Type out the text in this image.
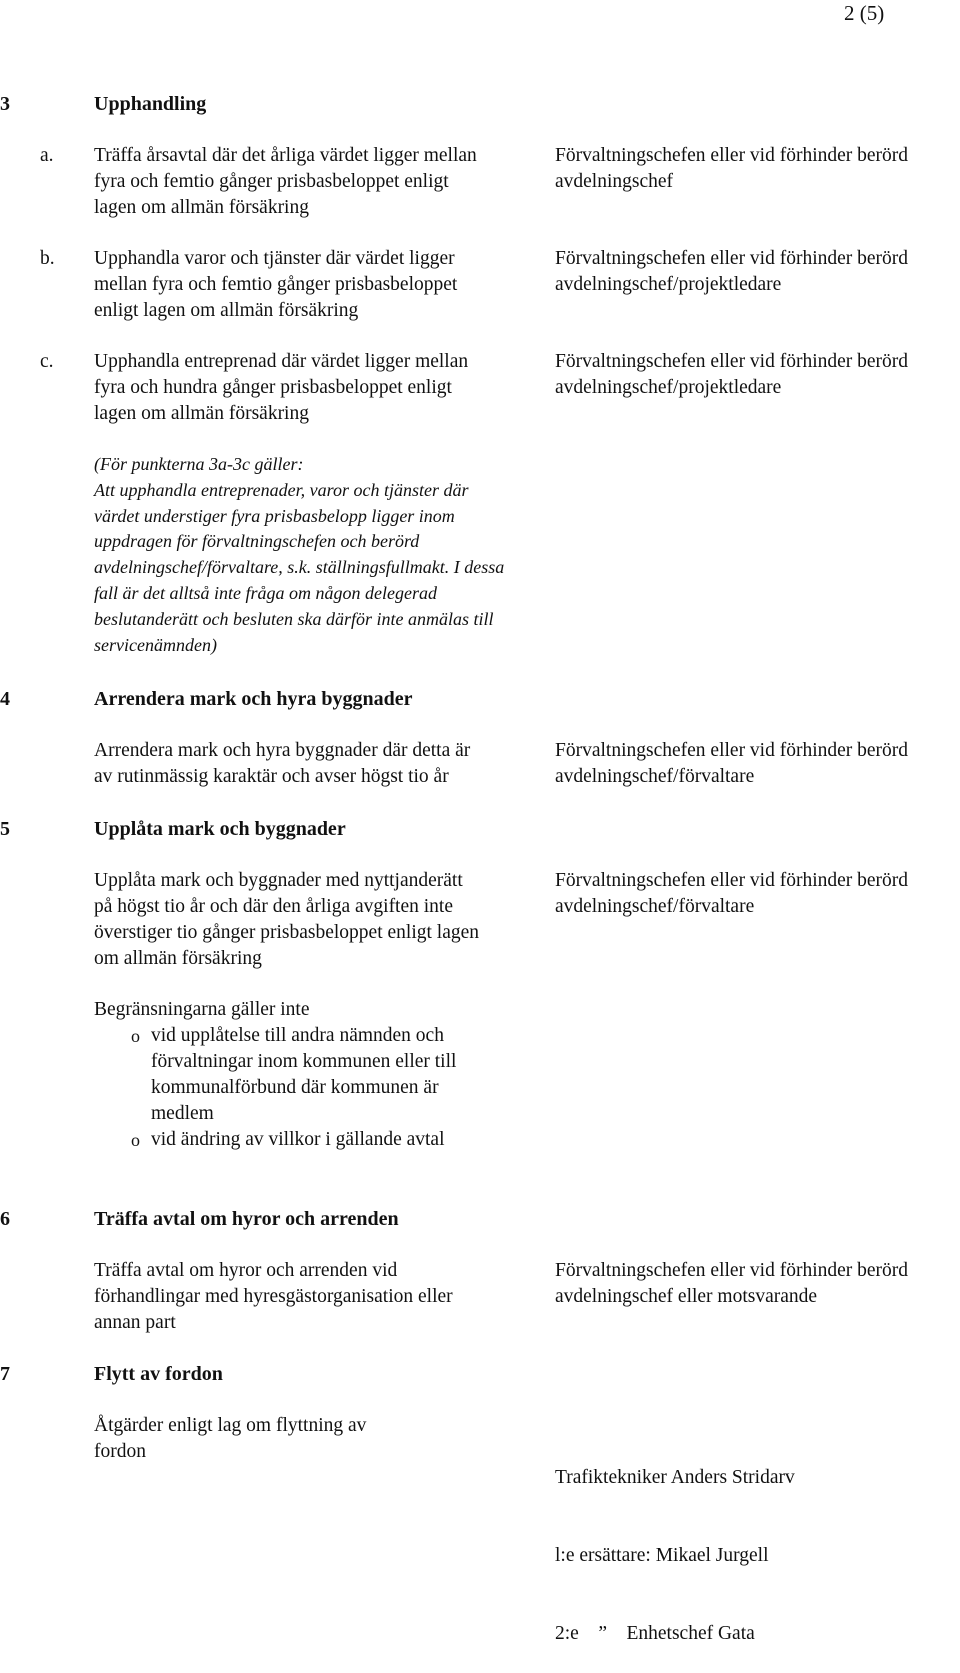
2 (5)
3	Upphandling
a. Träffa årsavtal där det årliga värdet ligger mellan
fyra och femtio gånger prisbasbeloppet enligt
lagen om allmän försäkring
Förvaltningschefen eller vid förhinder berörd
avdelningschef
b. Upphandla varor och tjänster där värdet ligger
mellan fyra och femtio gånger prisbasbeloppet
enligt lagen om allmän försäkring
Förvaltningschefen eller vid förhinder berörd
avdelningschef/projektledare
c. Upphandla entreprenad där värdet ligger mellan
fyra och hundra gånger prisbasbeloppet enligt
lagen om allmän försäkring
Förvaltningschefen eller vid förhinder berörd
avdelningschef/projektledare
(För punkterna 3a-3c gäller:
Att upphandla entreprenader, varor och tjänster där
värdet understiger fyra prisbasbelopp ligger inom
uppdragen för förvaltningschefen och berörd
avdelningschef/förvaltare, s.k. ställningsfullmakt. I dessa
fall är det alltså inte fråga om någon delegerad
beslutanderätt och besluten ska därför inte anmälas till
servicenämnden)
4	Arrendera mark och hyra byggnader
Arrendera mark och hyra byggnader där detta är
av rutinmässig karaktär och avser högst tio år
Förvaltningschefen eller vid förhinder berörd
avdelningschef/förvaltare
5	Upplåta mark och byggnader
Upplåta mark och byggnader med nyttjanderätt
på högst tio år och där den årliga avgiften inte
överstiger tio gånger prisbasbeloppet enligt lagen
om allmän försäkring
Förvaltningschefen eller vid förhinder berörd
avdelningschef/förvaltare
Begränsningarna gäller inte
o vid upplåtelse till andra nämnden och
förvaltningar inom kommunen eller till
kommunalförbund där kommunen är
medlem
o vid ändring av villkor i gällande avtal
6	Träffa avtal om hyror och arrenden
Träffa avtal om hyror och arrenden vid
förhandlingar med hyresgästorganisation eller
annan part
Förvaltningschefen eller vid förhinder berörd
avdelningschef eller motsvarande
7	Flytt av fordon
Åtgärder enligt lag om flyttning av
fordon

Trafiktekniker Anders Stridarv

l:e ersättare: Mikael Jurgell

2:e    ”    Enhetschef Gata
